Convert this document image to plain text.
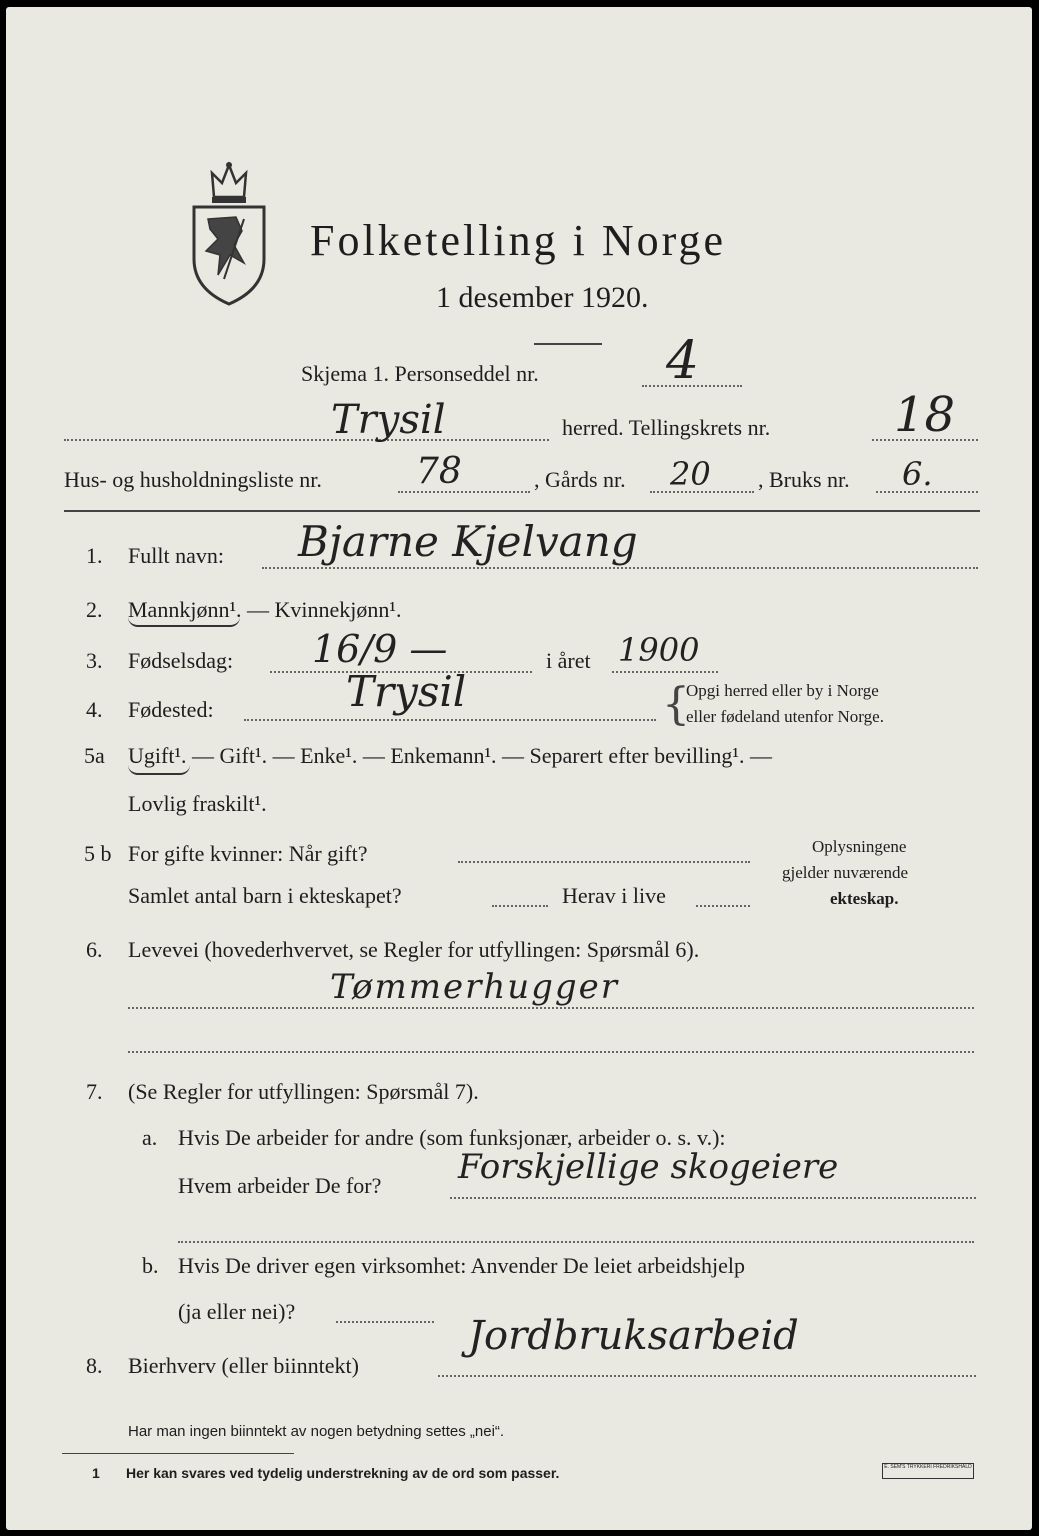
Folketelling i Norge
1 desember 1920.
Skjema 1. Personseddel nr. 4
Trysil	herred. Tellingskrets nr.	18
Hus- og husholdningsliste nr.	78	, Gårds nr. 20 , Bruks nr. 6.
1. Fullt navn: Bjarne Kjelvang
2. Mannkjønn¹. — Kvinnekjønn¹.
3. Fødselsdag: 16/9 —	i året 1900
4. Fødested:	Trysil	{
Opgi herred eller by i Norge
eller fødeland utenfor Norge.
5a Ugift¹. — Gift¹. — Enke¹. — Enkemann¹. — Separert efter bevilling¹. —
Lovlig fraskilt¹.
5 b For gifte kvinner: Når gift?
Samlet antal barn i ekteskapet?	Herav i live
Oplysningene
gjelder nuværende
ekteskap.
6. Levevei (hovederhvervet, se Regler for utfyllingen: Spørsmål 6).
Tømmerhugger
7. (Se Regler for utfyllingen: Spørsmål 7).
a. Hvis De arbeider for andre (som funksjonær, arbeider o. s. v.):
Hvem arbeider De for? Forskjellige skogeiere
b. Hvis De driver egen virksomhet: Anvender De leiet arbeidshjelp
(ja eller nei)?
8. Bierhverv (eller biinntekt)
Jordbruksarbeid
Har man ingen biinntekt av nogen betydning settes „nei“.
1 Her kan svares ved tydelig understrekning av de ord som passer.	E. SEM'S TRYKKERI FREDRIKSHALD
